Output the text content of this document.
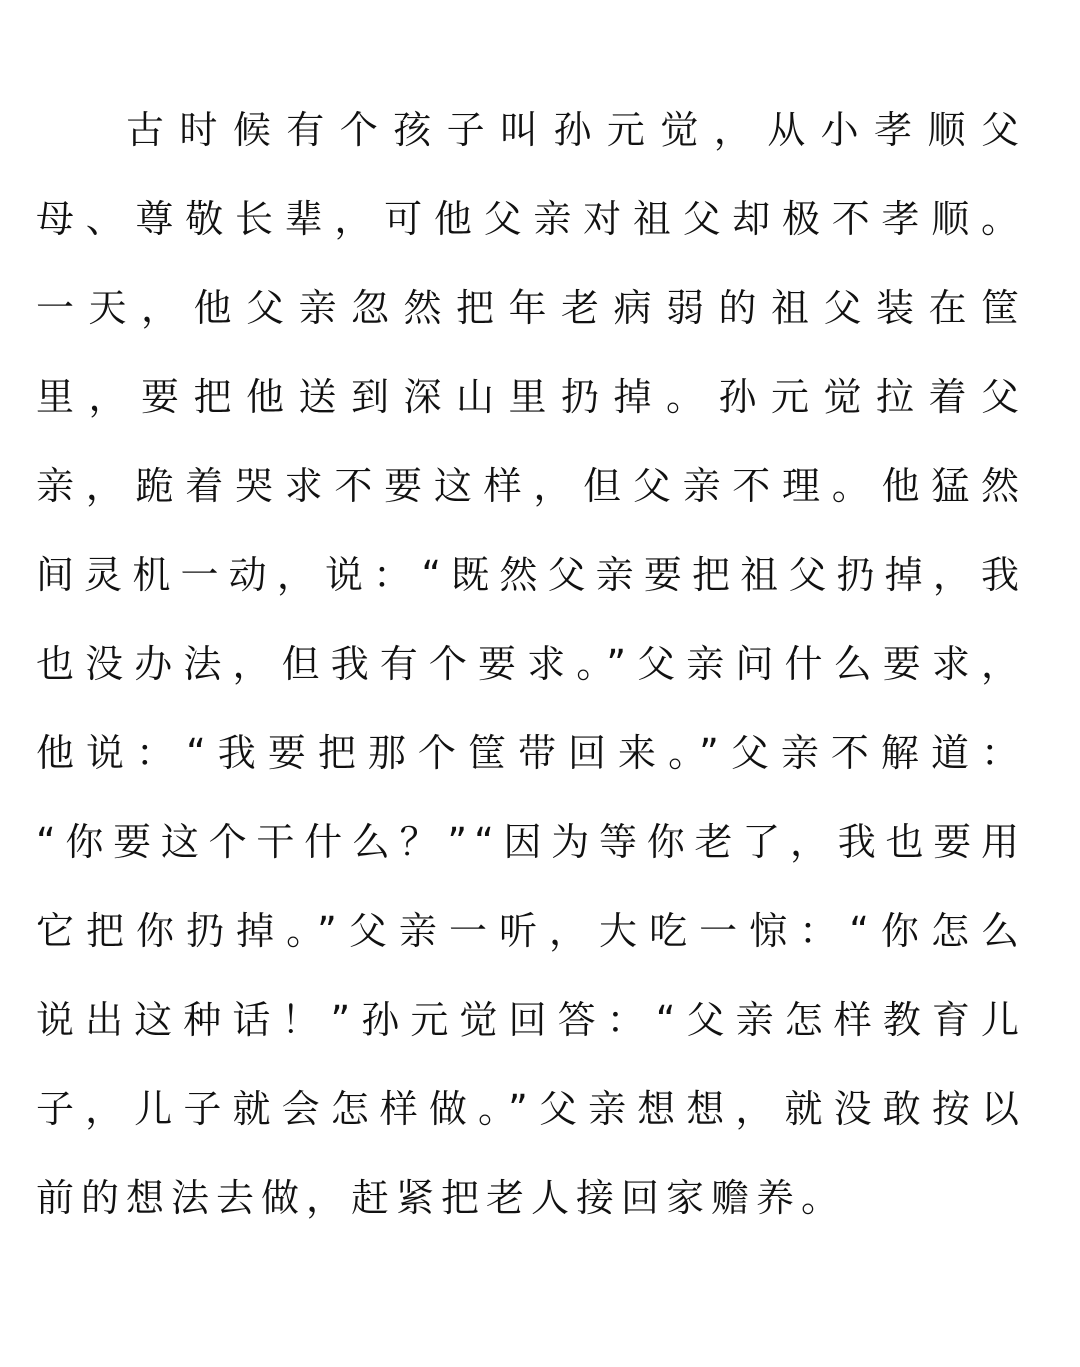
古时候有个孩子叫孙元觉，从小孝顺父
母、尊敬长辈，可他父亲对祖父却极不孝顺。
一天，他父亲忽然把年老病弱的祖父装在筐
里，要把他送到深山里扔掉。孙元觉拉着父
亲，跪着哭求不要这样，但父亲不理。他猛然
间灵机一动，说：“既然父亲要把祖父扔掉，我
也没办法，但我有个要求。”父亲问什么要求，
他说：“我要把那个筐带回来。”父亲不解道：
“你要这个干什么？”“因为等你老了，我也要用
它把你扔掉。”父亲一听，大吃一惊：“你怎么
说出这种话！”孙元觉回答：“父亲怎样教育儿
子，儿子就会怎样做。”父亲想想，就没敢按以
前的想法去做，赶紧把老人接回家赡养。
